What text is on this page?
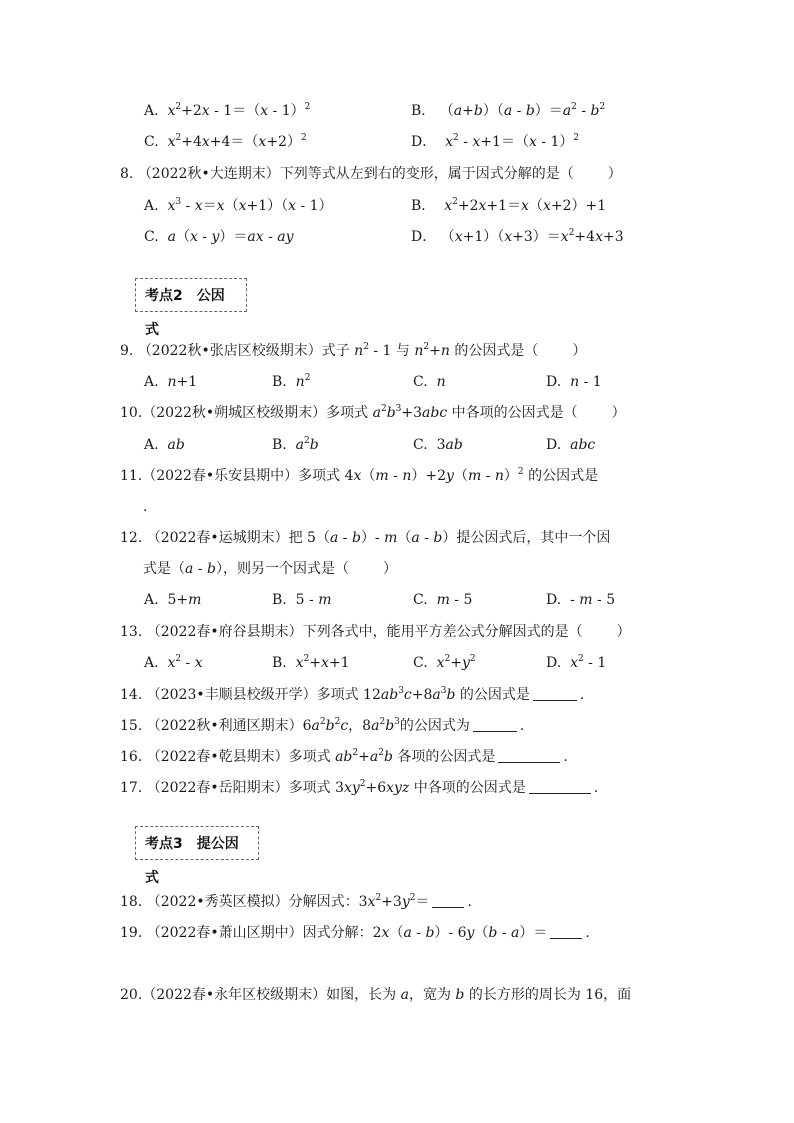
A. $x^2+2x - 1=(x - 1)^2$	B． $(a+b)(a - b)=a^2 - b^2$
C. $x^2+4x+4=(x+2)^2$	D． $x^2 - x+1=(x - 1)^2$
8. （2022秋•大连期末）下列等式从左到右的变形，属于因式分解的是（ ）
A. $x^3 - x=x(x+1)(x - 1)$	B． $x^2+2x+1=x(x+2)+1$
C. a（x - y）＝ax - ay	D． $(x+1)(x+3)=x^2+4x+3$
考点2　公因式
9. （2022秋•张店区校级期末）式子 $n^2 - 1$ 与 $n^2+n$ 的公因式是（ ）
A. n+1	B. $n^2$	C. n	D. n - 1
10.（2022秋•朔城区校级期末）多项式 $a^2b^3+3abc$ 中各项的公因式是（ ）
A. ab	B. $a^2b$	C.  3ab	D. abc
11.（2022春•乐安县期中）多项式 4x（m - n）+2y（m - n）$^2$ 的公因式是
.
12. （2022春•运城期末）把 5（a - b）- m（a - b）提公因式后，其中一个因
式是（a - b），则另一个因式是（ ）
A.  5+m	B.  5 - m	C. m - 5	D.  - m - 5
13. （2022春•府谷县期末）下列各式中，能用平方差公式分解因式的是（ ）
A. $x^2$ - x	B. $x^2+x+1$	C. $x^2+y^2$	D. $x^2 - 1$
14. （2023•丰顺县校级开学）多项式 $12ab^3c+8a^3b$ 的公因式是	.
15. （2022秋•利通区期末）$6a^2b^2c$，$8a^2b^3$的公因式为	.
16. （2022春•乾县期末）多项式 $ab^2+a^2b$ 各项的公因式是	.
17. （2022春•岳阳期末）多项式 $3xy^2+6xyz$ 中各项的公因式是	.
考点3　提公因式
18. （2022•秀英区模拟）分解因式：$3x^2+3y^2=$	.
19. （2022春•萧山区期中）因式分解：2x（a - b）- 6y（b - a）＝	.
20.（2022春•永年区校级期末）如图，长为 a，宽为 b 的长方形的周长为 16，面
